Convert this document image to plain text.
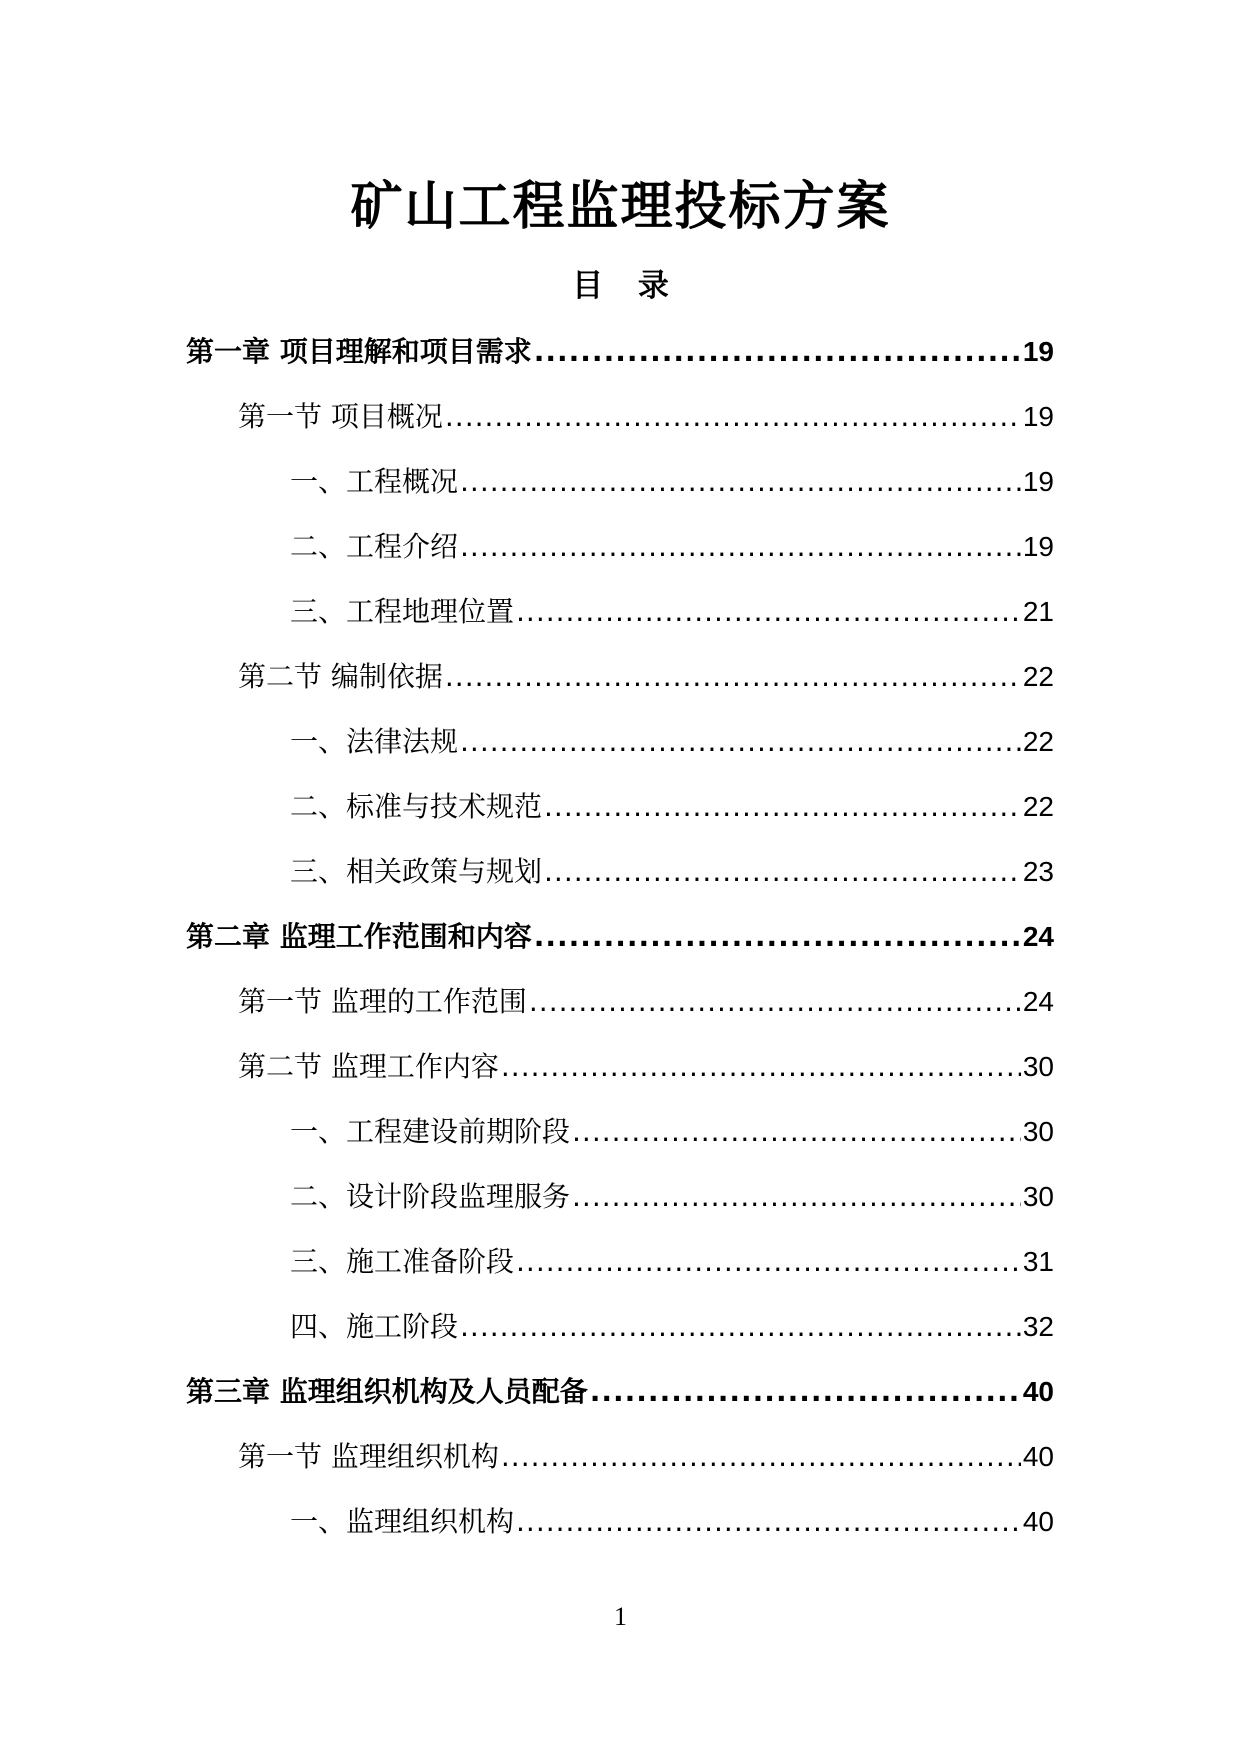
矿山工程监理投标方案
目 录
第一章 项目理解和项目需求 .....	19
第一节 项目概况 .....	19
一、工程概况 .....	19
二、工程介绍 .....	19
三、工程地理位置 .....	21
第二节 编制依据 .....	22
一、法律法规 .....	22
二、标准与技术规范 .....	22
三、相关政策与规划 .....	23
第二章 监理工作范围和内容 .....	24
第一节 监理的工作范围 .....	24
第二节 监理工作内容 .....	30
一、工程建设前期阶段 .....	30
二、设计阶段监理服务 .....	30
三、施工准备阶段 .....	31
四、施工阶段 .....	32
第三章 监理组织机构及人员配备 .....	40
第一节 监理组织机构 .....	40
一、监理组织机构 .....	40
1
